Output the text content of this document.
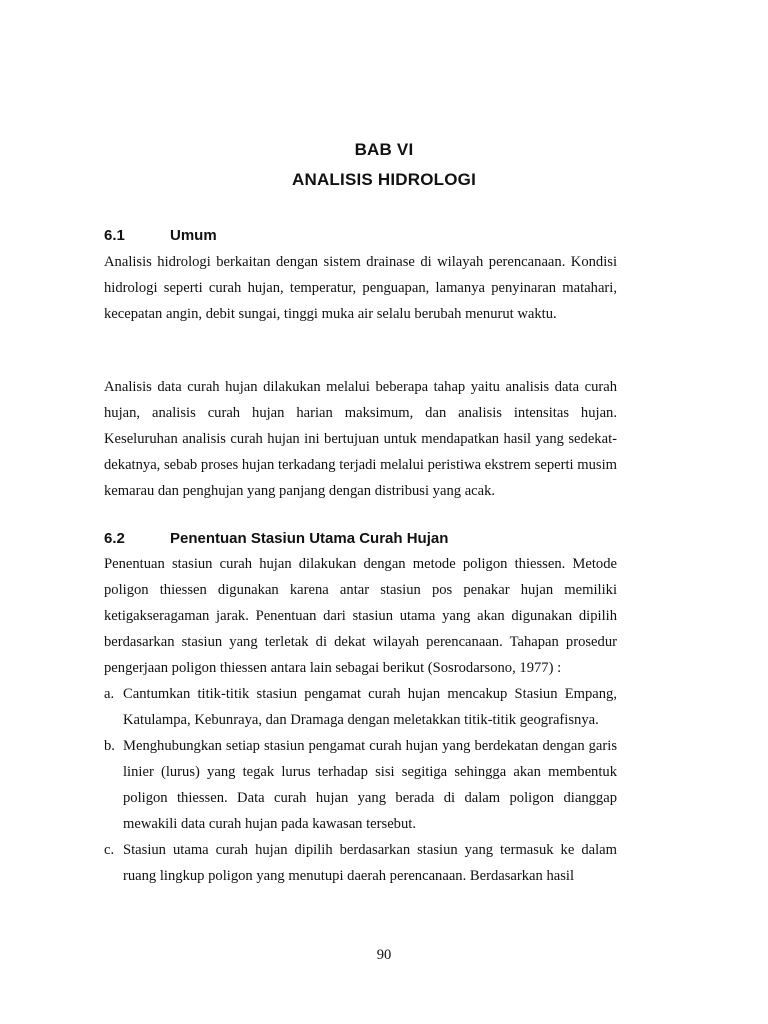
BAB VI
ANALISIS HIDROLOGI
6.1	Umum

Analisis hidrologi berkaitan dengan sistem drainase di wilayah perencanaan. Kondisi hidrologi seperti curah hujan, temperatur, penguapan, lamanya penyinaran matahari, kecepatan angin, debit sungai, tinggi muka air selalu berubah menurut waktu.

Analisis data curah hujan dilakukan melalui beberapa tahap yaitu analisis data curah hujan, analisis curah hujan harian maksimum, dan analisis intensitas hujan. Keseluruhan analisis curah hujan ini bertujuan untuk mendapatkan hasil yang sedekat-dekatnya, sebab proses hujan terkadang terjadi melalui peristiwa ekstrem seperti musim kemarau dan penghujan yang panjang dengan distribusi yang acak.

6.2	Penentuan Stasiun Utama Curah Hujan

Penentuan stasiun curah hujan dilakukan dengan metode poligon thiessen. Metode poligon thiessen digunakan karena antar stasiun pos penakar hujan memiliki ketigakseragaman jarak. Penentuan dari stasiun utama yang akan digunakan dipilih berdasarkan stasiun yang terletak di dekat wilayah perencanaan. Tahapan prosedur pengerjaan poligon thiessen antara lain sebagai berikut (Sosrodarsono, 1977) :

a. Cantumkan titik-titik stasiun pengamat curah hujan mencakup Stasiun Empang, Katulampa, Kebunraya, dan Dramaga dengan meletakkan titik-titik geografisnya.
b. Menghubungkan setiap stasiun pengamat curah hujan yang berdekatan dengan garis linier (lurus) yang tegak lurus terhadap sisi segitiga sehingga akan membentuk poligon thiessen. Data curah hujan yang berada di dalam poligon dianggap mewakili data curah hujan pada kawasan tersebut.
c. Stasiun utama curah hujan dipilih berdasarkan stasiun yang termasuk ke dalam ruang lingkup poligon yang menutupi daerah perencanaan. Berdasarkan hasil
90
